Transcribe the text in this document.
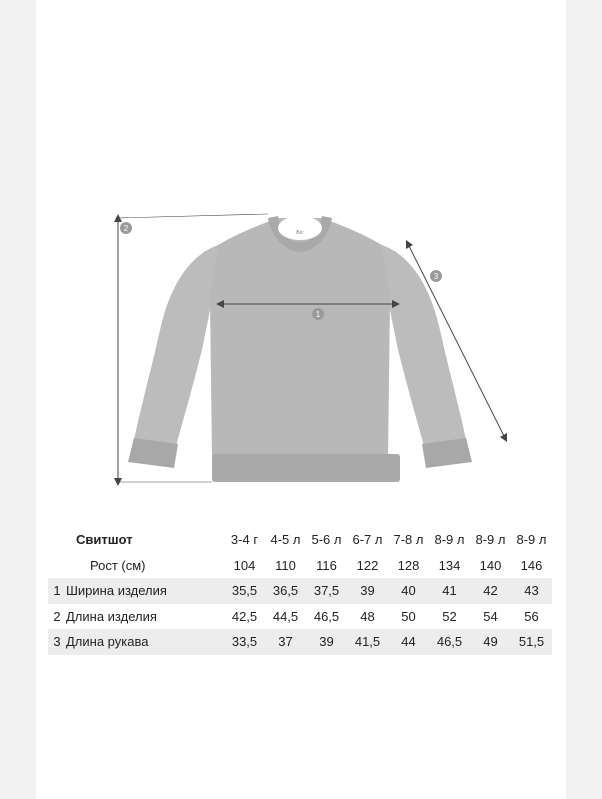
Bo:
1
2
3
Свитшот		3-4 г	4-5 л	5-6 л	6-7 л	7-8 л	8-9 л	8-9 л	8-9 л
Рост (см)		104	110	116	122	128	134	140	146
1	Ширина изделия	35,5	36,5	37,5	39	40	41	42	43
2	Длина изделия	42,5	44,5	46,5	48	50	52	54	56
3	Длина рукава	33,5	37	39	41,5	44	46,5	49	51,5
